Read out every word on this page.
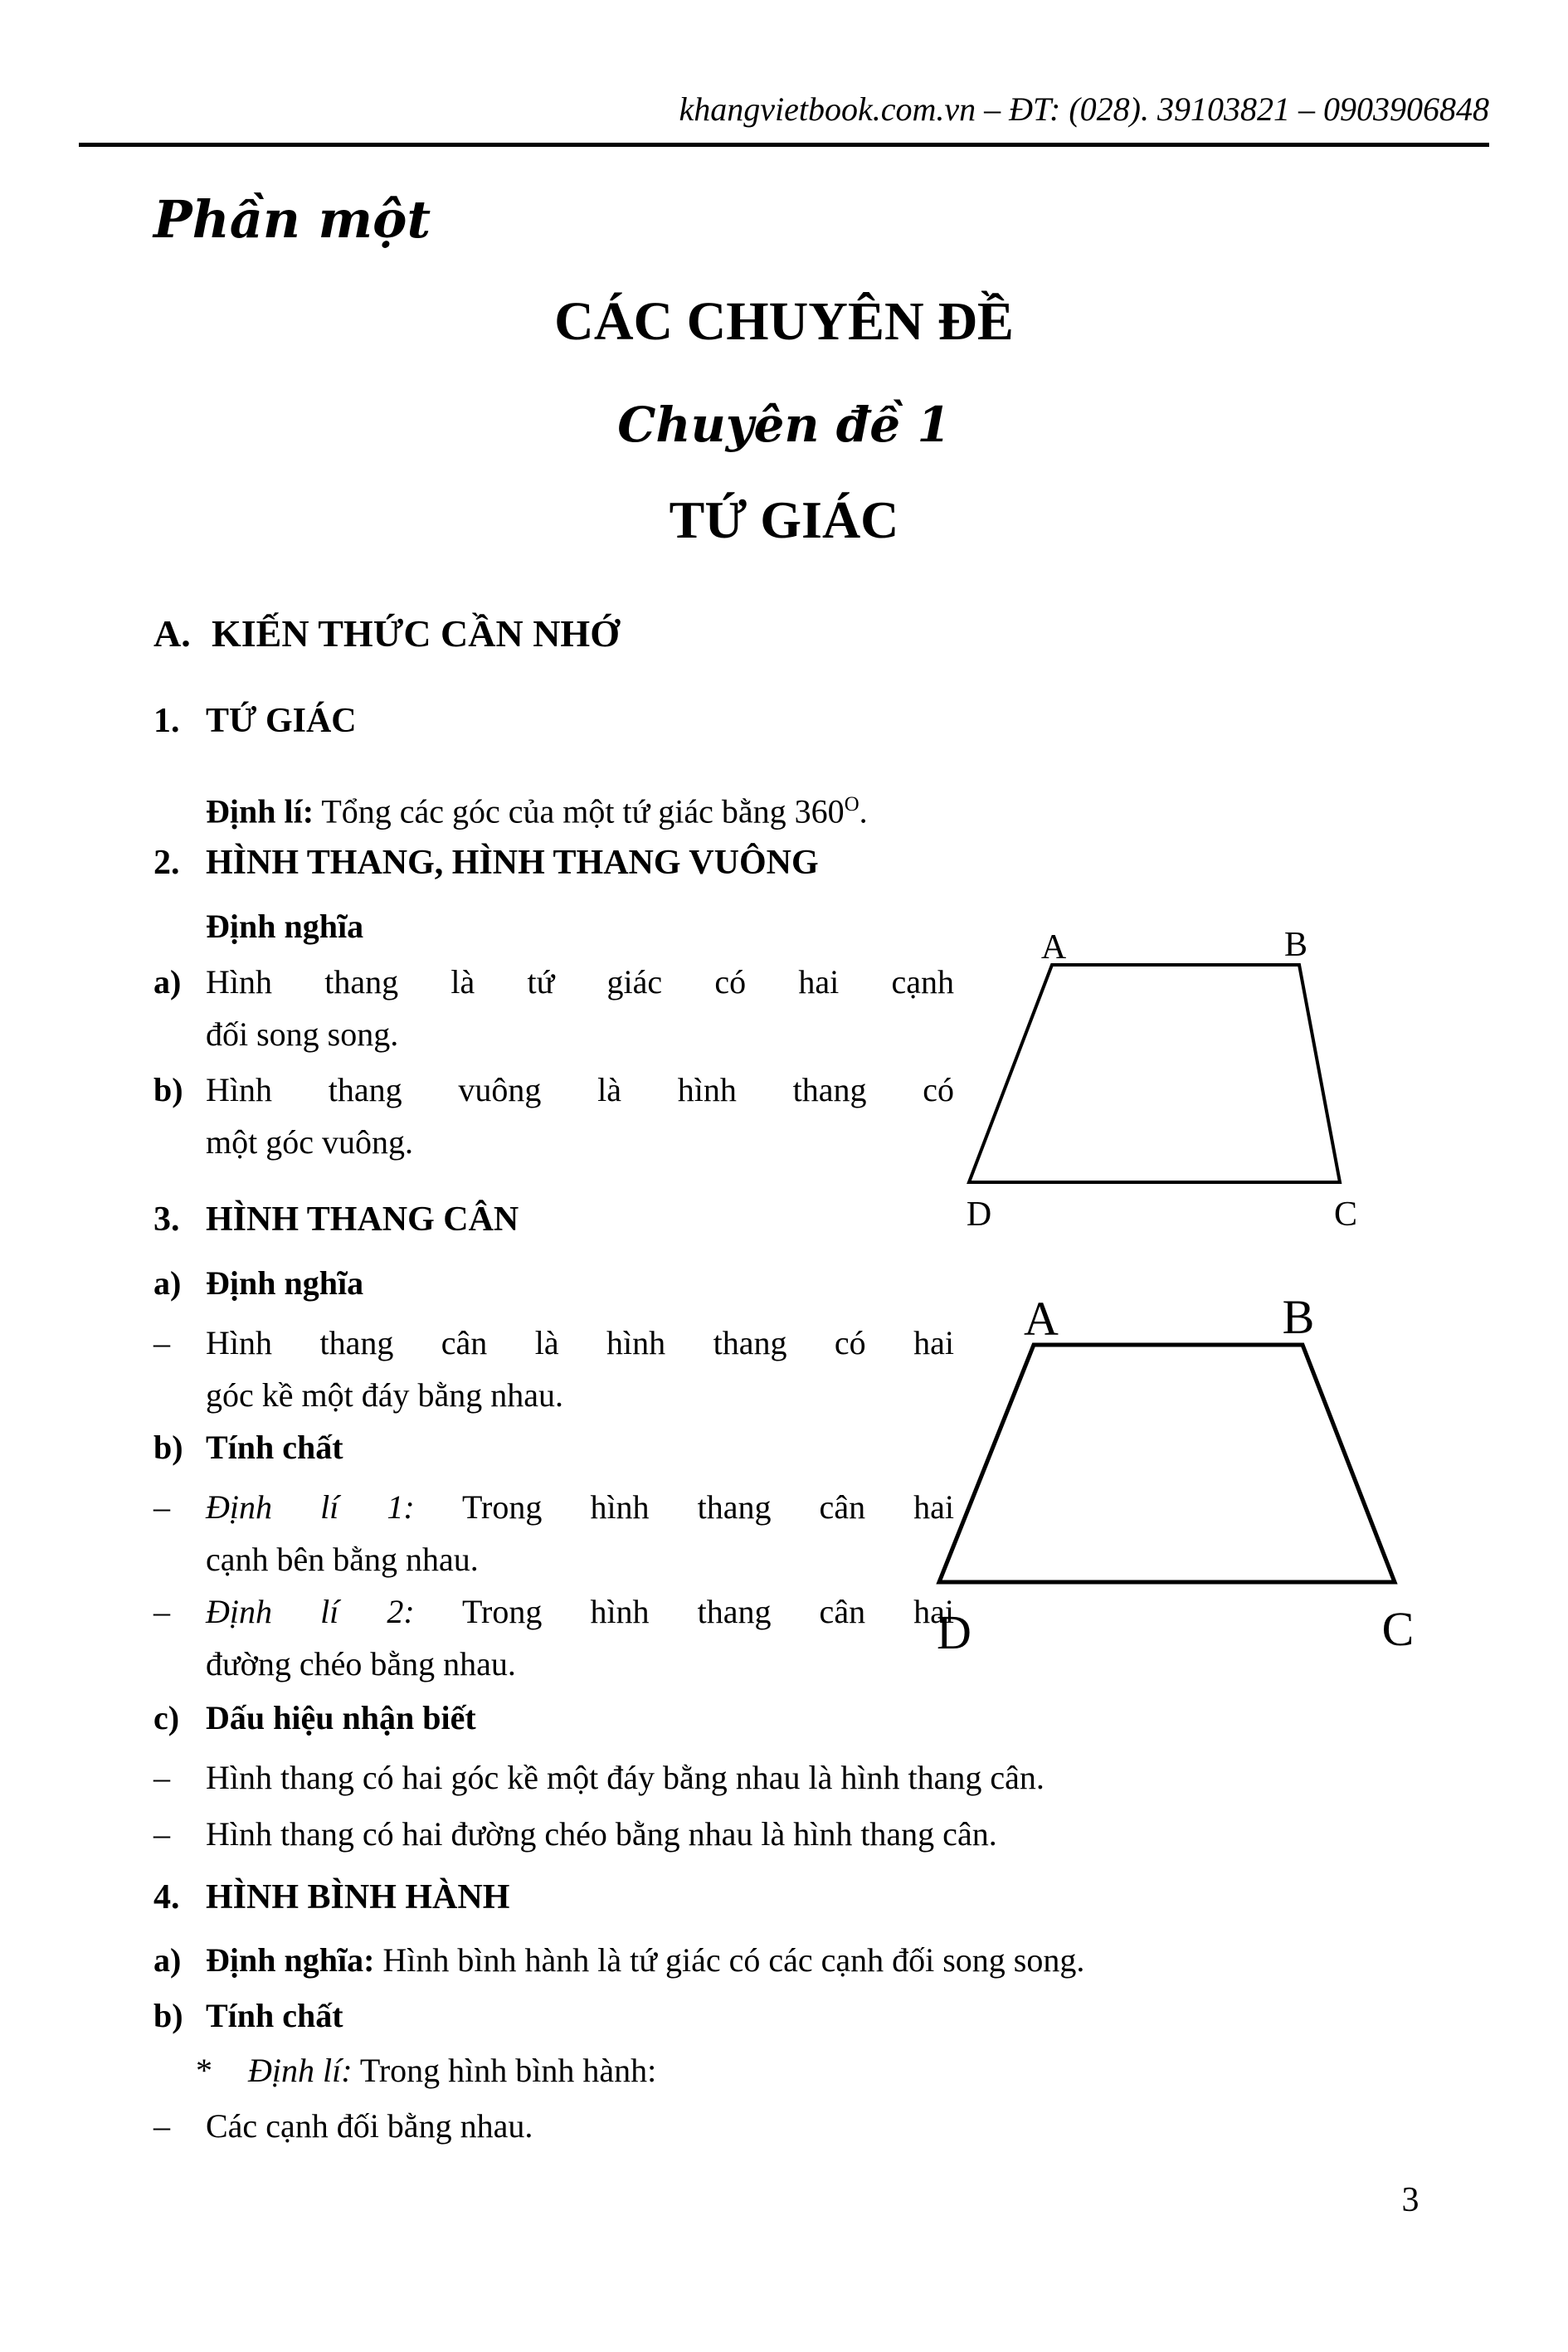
khangvietbook.com.vn – ĐT: (028). 39103821 – 0903906848
Phần một
CÁC CHUYÊN ĐỀ
Chuyên đề 1
TỨ GIÁC
A. KIẾN THỨC CẦN NHỚ
1. TỨ GIÁC
Định lí: Tổng các góc của một tứ giác bằng $360^O$.
2. HÌNH THANG, HÌNH THANG VUÔNG
Định nghĩa
a) Hình thang là tứ giác có hai cạnh
đối song song.
b) Hình thang vuông là hình thang có
một góc vuông.
3. HÌNH THANG CÂN
a) Định nghĩa
– Hình thang cân là hình thang có hai
góc kề một đáy bằng nhau.
b) Tính chất
– Định lí 1: Trong hình thang cân hai
cạnh bên bằng nhau.
– Định lí 2: Trong hình thang cân hai
đường chéo bằng nhau.
c) Dấu hiệu nhận biết
– Hình thang có hai góc kề một đáy bằng nhau là hình thang cân.
– Hình thang có hai đường chéo bằng nhau là hình thang cân.
4. HÌNH BÌNH HÀNH
a) Định nghĩa: Hình bình hành là tứ giác có các cạnh đối song song.
b) Tính chất
* Định lí: Trong hình bình hành:
– Các cạnh đối bằng nhau.
A	B
C
D
A	B
C
D
3
